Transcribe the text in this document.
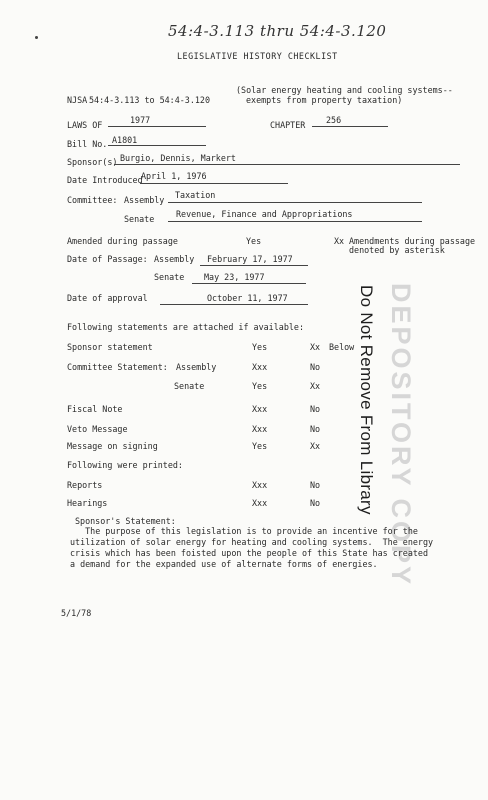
54:4-3.113 thru 54:4-3.120
LEGISLATIVE HISTORY CHECKLIST
NJSA 54:4-3.113 to 54:4-3.120
(Solar energy heating and cooling systems--
exempts from property taxation)
LAWS OF	1977	CHAPTER 256
Bill No. A1801
Sponsor(s) Burgio, Dennis, Markert
Date Introduced
April 1, 1976
Committee: Assembly Taxation
Senate	Revenue, Finance and Appropriations
Amended during passage	Yes	Xx Amendments during passage
denoted by asterisk
Date of Passage: Assembly February 17, 1977
Senate May 23, 1977
Date of approval	October 11, 1977
Following statements are attached if available:
Sponsor statement	Yes	Xx Below
Committee Statement: Assembly	Xxx	No
Senate	Yes	Xx
Fiscal Note	Xxx	No
Veto Message	Xxx	No
Message on signing	Yes	Xx
Following were printed:
Reports	Xxx	No
Hearings	Xxx	No DEPOSITORY COPY
Do Not Remove From Library
Sponsor's Statement:
The purpose of this legislation is to provide an incentive for the
utilization of solar energy for heating and cooling systems.  The energy
crisis which has been foisted upon the people of this State has created
a demand for the expanded use of alternate forms of energies.
5/1/78
